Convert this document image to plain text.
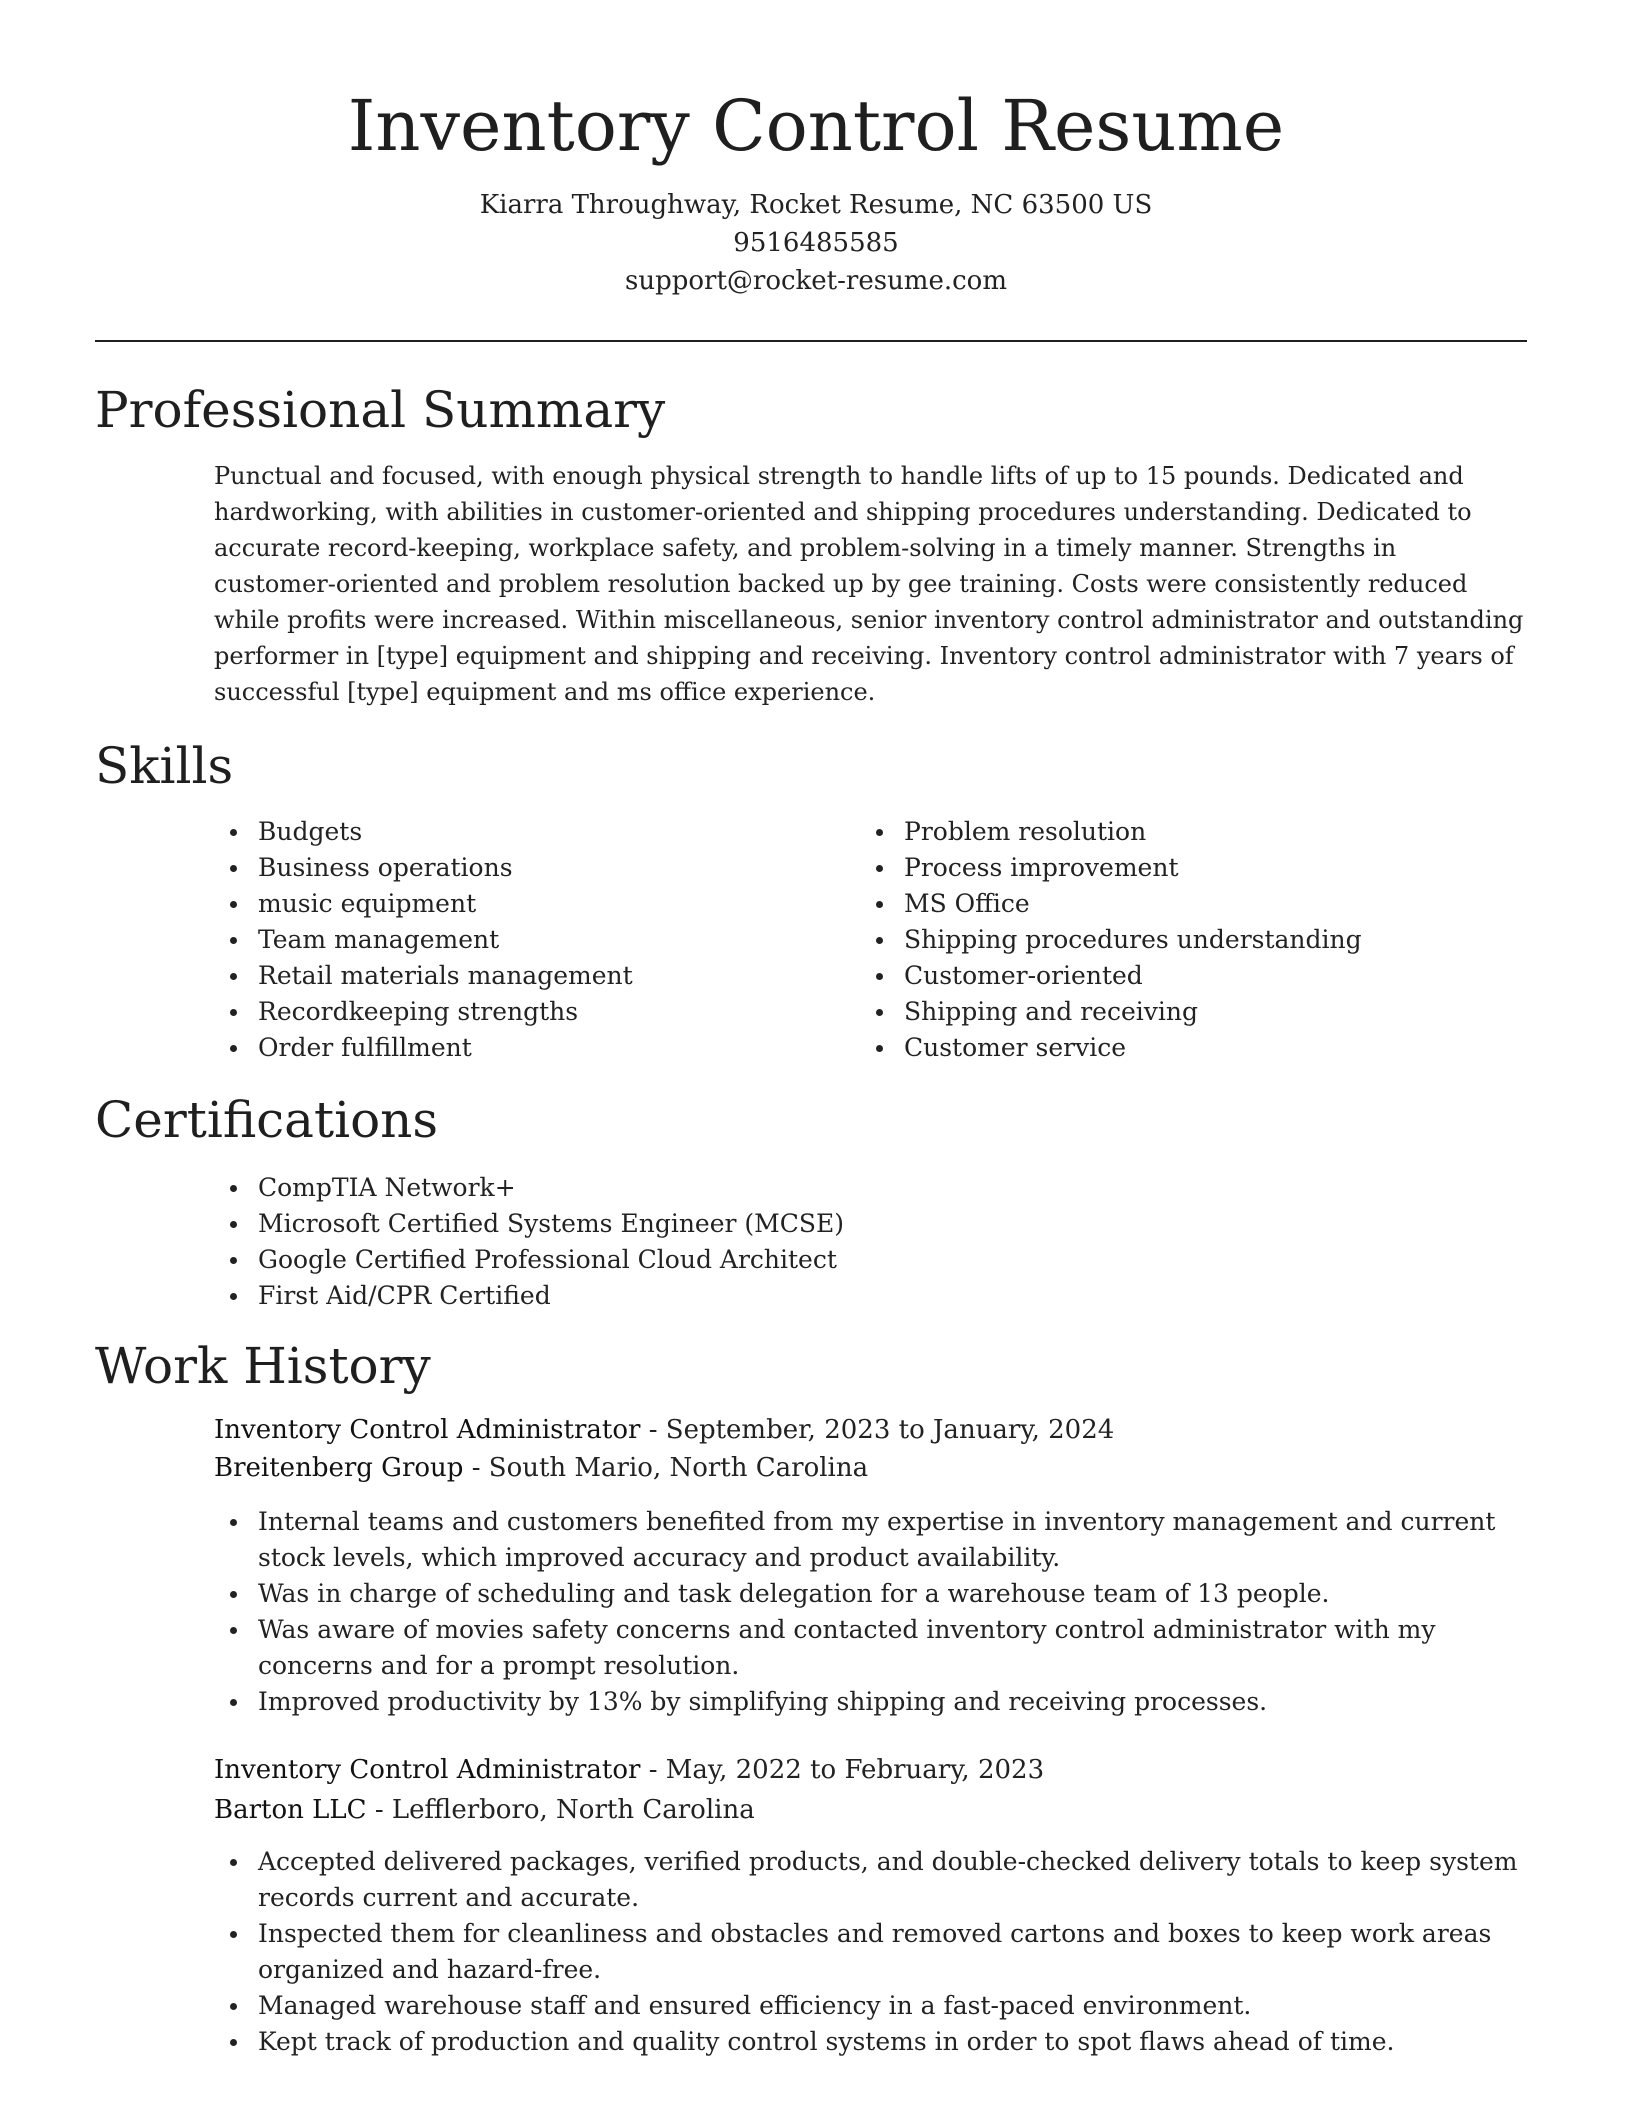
Inventory Control Resume
Kiarra Throughway, Rocket Resume, NC 63500 US
9516485585
support@rocket-resume.com
Professional Summary

Punctual and focused, with enough physical strength to handle lifts of up to 15 pounds. Dedicated and hardworking, with abilities in customer-oriented and shipping procedures understanding. Dedicated to accurate record-keeping, workplace safety, and problem-solving in a timely manner. Strengths in customer-oriented and problem resolution backed up by gee training. Costs were consistently reduced while profits were increased. Within miscellaneous, senior inventory control administrator and outstanding performer in [type] equipment and shipping and receiving. Inventory control administrator with 7 years of successful [type] equipment and ms office experience.

Skills
Budgets
Business operations
music equipment
Team management
Retail materials management
Recordkeeping strengths
Order fulfillment
Problem resolution
Process improvement
MS Office
Shipping procedures understanding
Customer-oriented
Shipping and receiving
Customer service
Certifications
CompTIA Network+
Microsoft Certified Systems Engineer (MCSE)
Google Certified Professional Cloud Architect
First Aid/CPR Certified
Work History
Inventory Control Administrator - September, 2023 to January, 2024
Breitenberg Group - South Mario, North Carolina
Internal teams and customers benefited from my expertise in inventory management and current stock levels, which improved accuracy and product availability.
Was in charge of scheduling and task delegation for a warehouse team of 13 people.
Was aware of movies safety concerns and contacted inventory control administrator with my concerns and for a prompt resolution.
Improved productivity by 13% by simplifying shipping and receiving processes.
Inventory Control Administrator - May, 2022 to February, 2023
Barton LLC - Lefflerboro, North Carolina
Accepted delivered packages, verified products, and double-checked delivery totals to keep system records current and accurate.
Inspected them for cleanliness and obstacles and removed cartons and boxes to keep work areas organized and hazard-free.
Managed warehouse staff and ensured efficiency in a fast-paced environment.
Kept track of production and quality control systems in order to spot flaws ahead of time.
